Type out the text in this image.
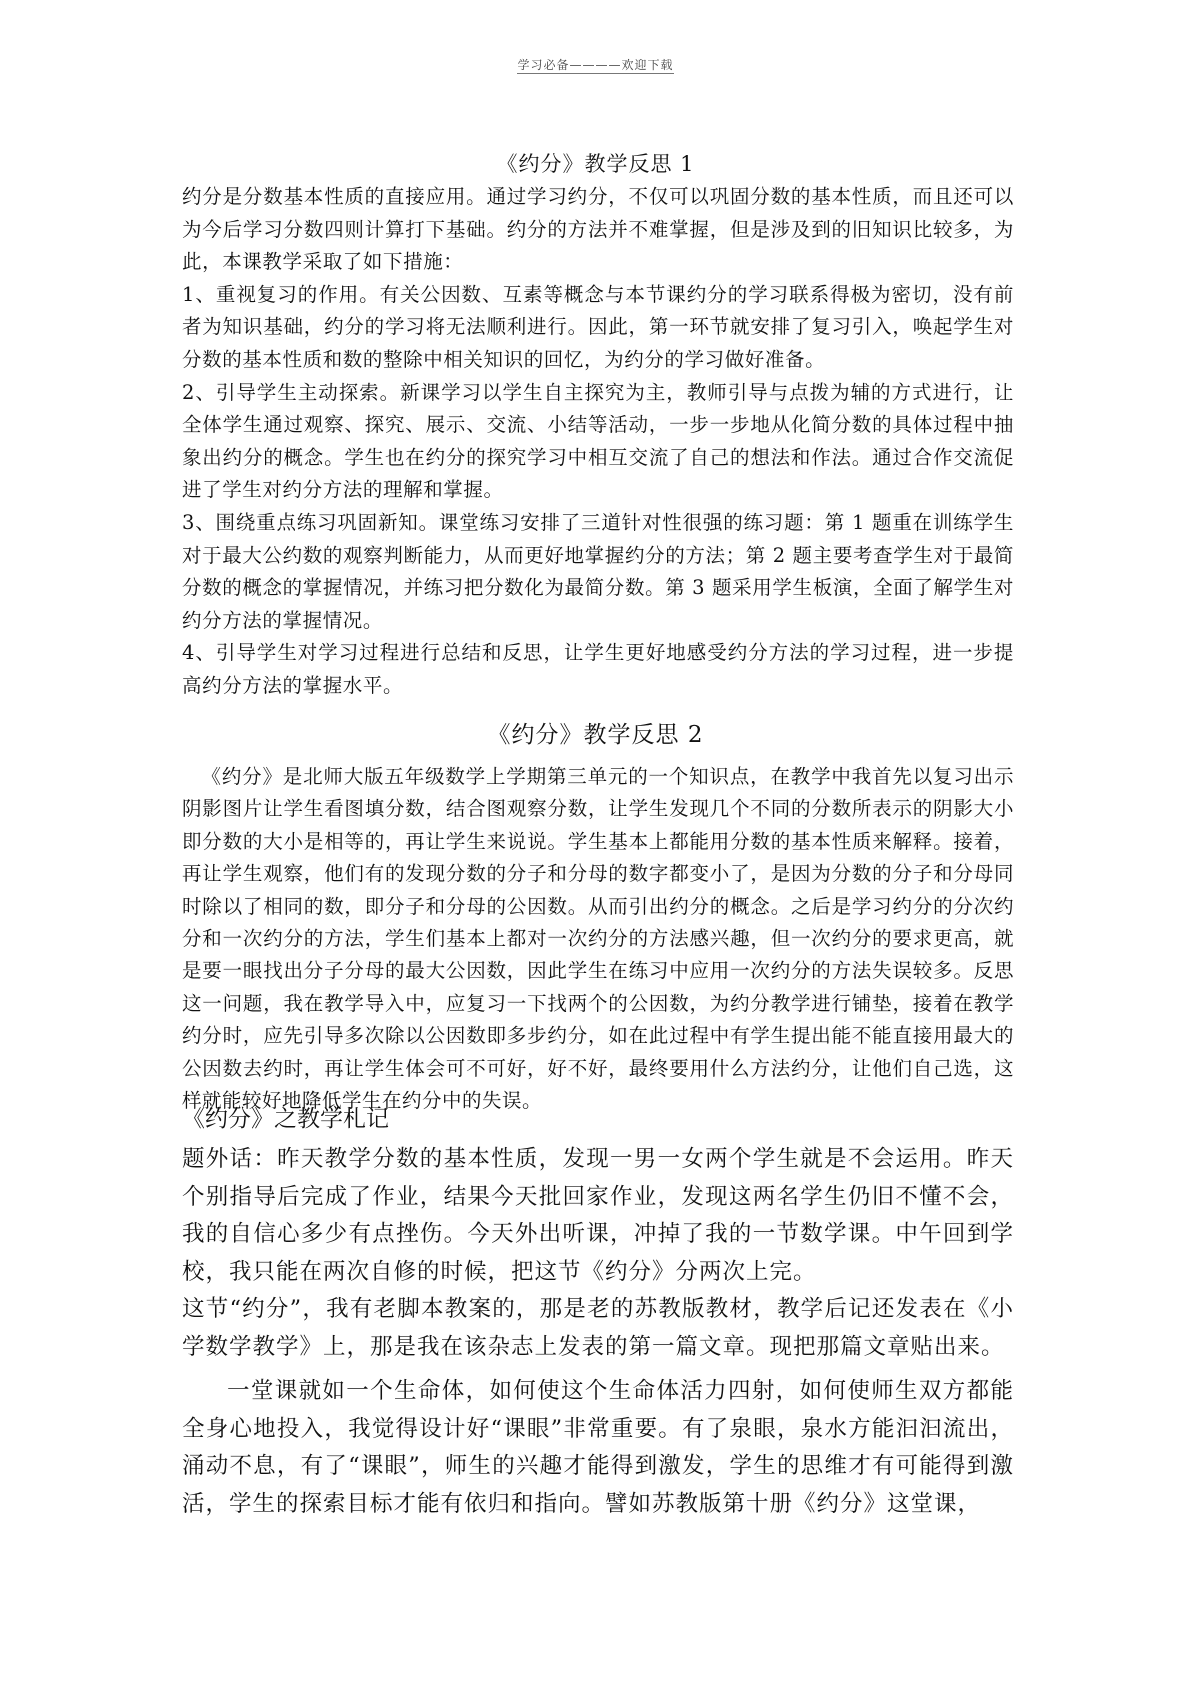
学习必备————欢迎下载
《约分》教学反思 1

约分是分数基本性质的直接应用。通过学习约分，不仅可以巩固分数的基本性质，而且还可以为今后学习分数四则计算打下基础。约分的方法并不难掌握，但是涉及到的旧知识比较多，为此，本课教学采取了如下措施：

1、重视复习的作用。有关公因数、互素等概念与本节课约分的学习联系得极为密切，没有前者为知识基础，约分的学习将无法顺利进行。因此，第一环节就安排了复习引入，唤起学生对分数的基本性质和数的整除中相关知识的回忆，为约分的学习做好准备。

2、引导学生主动探索。新课学习以学生自主探究为主，教师引导与点拨为辅的方式进行，让全体学生通过观察、探究、展示、交流、小结等活动，一步一步地从化简分数的具体过程中抽象出约分的概念。学生也在约分的探究学习中相互交流了自己的想法和作法。通过合作交流促进了学生对约分方法的理解和掌握。

3、围绕重点练习巩固新知。课堂练习安排了三道针对性很强的练习题：第 1 题重在训练学生对于最大公约数的观察判断能力，从而更好地掌握约分的方法；第 2 题主要考查学生对于最简分数的概念的掌握情况，并练习把分数化为最简分数。第 3 题采用学生板演，全面了解学生对约分方法的掌握情况。

4、引导学生对学习过程进行总结和反思，让学生更好地感受约分方法的学习过程，进一步提高约分方法的掌握水平。

《约分》教学反思 2

《约分》是北师大版五年级数学上学期第三单元的一个知识点，在教学中我首先以复习出示阴影图片让学生看图填分数，结合图观察分数，让学生发现几个不同的分数所表示的阴影大小即分数的大小是相等的，再让学生来说说。学生基本上都能用分数的基本性质来解释。接着，再让学生观察，他们有的发现分数的分子和分母的数字都变小了，是因为分数的分子和分母同时除以了相同的数，即分子和分母的公因数。从而引出约分的概念。之后是学习约分的分次约分和一次约分的方法，学生们基本上都对一次约分的方法感兴趣，但一次约分的要求更高，就是要一眼找出分子分母的最大公因数，因此学生在练习中应用一次约分的方法失误较多。反思这一问题，我在教学导入中，应复习一下找两个的公因数，为约分教学进行铺垫，接着在教学约分时，应先引导多次除以公因数即多步约分，如在此过程中有学生提出能不能直接用最大的公因数去约时，再让学生体会可不可好，好不好，最终要用什么方法约分，让他们自己选，这样就能较好地降低学生在约分中的失误。

《约分》之教学札记

题外话：昨天教学分数的基本性质，发现一男一女两个学生就是不会运用。昨天个别指导后完成了作业，结果今天批回家作业，发现这两名学生仍旧不懂不会，我的自信心多少有点挫伤。今天外出听课，冲掉了我的一节数学课。中午回到学校，我只能在两次自修的时候，把这节《约分》分两次上完。

这节“约分”，我有老脚本教案的，那是老的苏教版教材，教学后记还发表在《小学数学教学》上，那是我在该杂志上发表的第一篇文章。现把那篇文章贴出来。

一堂课就如一个生命体，如何使这个生命体活力四射，如何使师生双方都能全身心地投入，我觉得设计好“课眼”非常重要。有了泉眼，泉水方能汩汩流出，涌动不息，有了“课眼”，师生的兴趣才能得到激发，学生的思维才有可能得到激活，学生的探索目标才能有依归和指向。譬如苏教版第十册《约分》这堂课，
